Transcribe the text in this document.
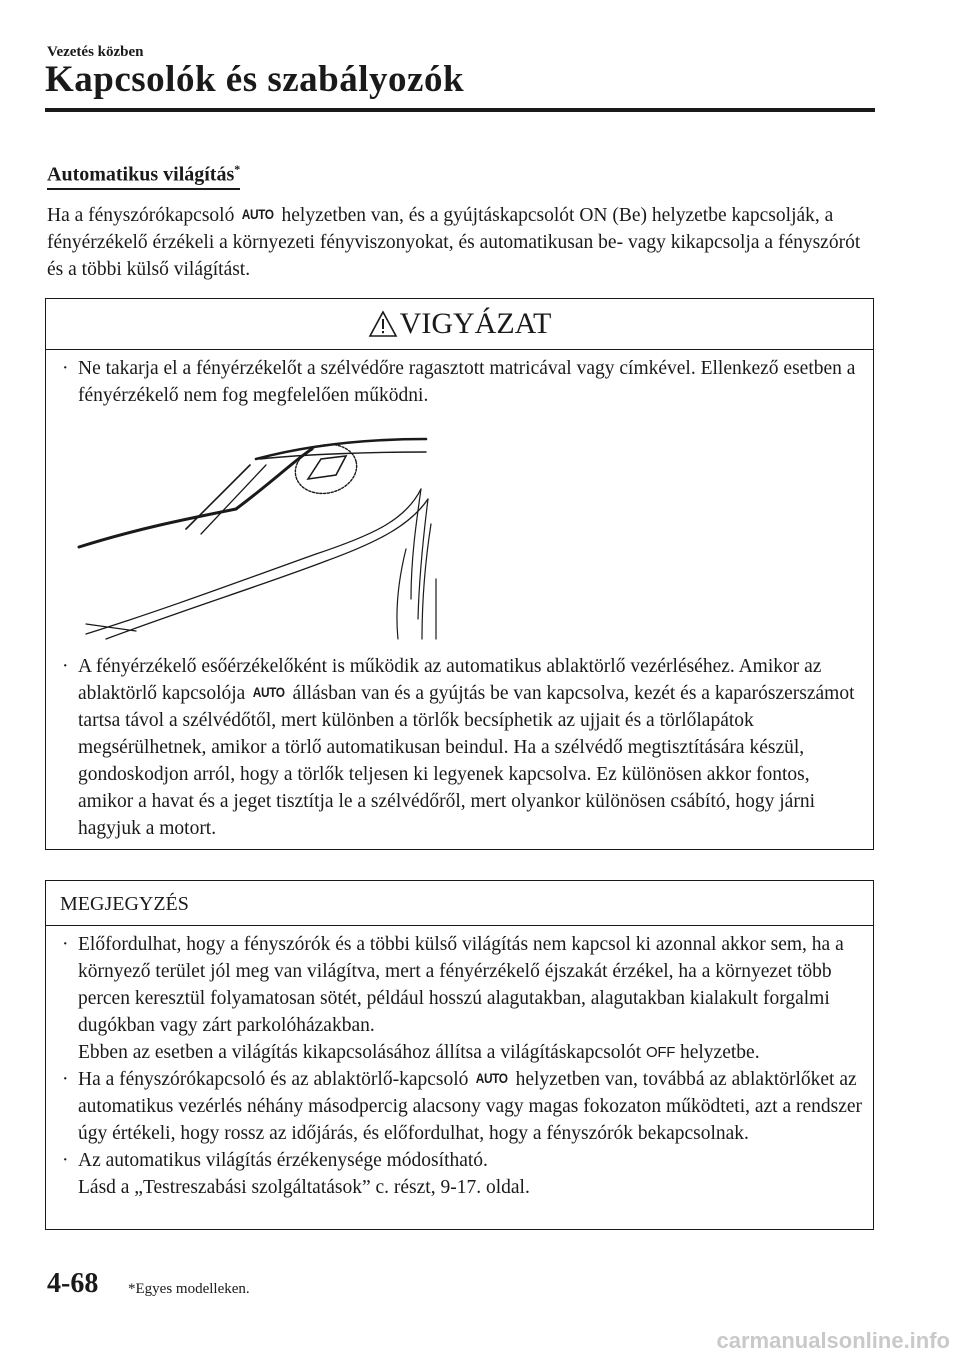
Vezetés közben
Kapcsolók és szabályozók
Automatikus világítás*
Ha a fényszórókapcsoló AUTO helyzetben van, és a gyújtáskapcsolót ON (Be) helyzetbe kapcsolják, a fényérzékelő érzékeli a környezeti fényviszonyokat, és automatikusan be- vagy kikapcsolja a fényszórót és a többi külső világítást.
VIGYÁZAT
· Ne takarja el a fényérzékelőt a szélvédőre ragasztott matricával vagy címkével. Ellenkező esetben a fényérzékelő nem fog megfelelően működni.
· A fényérzékelő esőérzékelőként is működik az automatikus ablaktörlő vezérléséhez. Amikor az ablaktörlő kapcsolója AUTO állásban van és a gyújtás be van kapcsolva, kezét és a kaparószerszámot tartsa távol a szélvédőtől, mert különben a törlők becsíphetik az ujjait és a törlőlapátok megsérülhetnek, amikor a törlő automatikusan beindul. Ha a szélvédő megtisztítására készül, gondoskodjon arról, hogy a törlők teljesen ki legyenek kapcsolva. Ez különösen akkor fontos, amikor a havat és a jeget tisztítja le a szélvédőről, mert olyankor különösen csábító, hogy járni hagyjuk a motort.
MEGJEGYZÉS
· Előfordulhat, hogy a fényszórók és a többi külső világítás nem kapcsol ki azonnal akkor sem, ha a környező terület jól meg van világítva, mert a fényérzékelő éjszakát érzékel, ha a környezet több percen keresztül folyamatosan sötét, például hosszú alagutakban, alagutakban kialakult forgalmi dugókban vagy zárt parkolóházakban.
Ebben az esetben a világítás kikapcsolásához állítsa a világításkapcsolót OFF helyzetbe.
· Ha a fényszórókapcsoló és az ablaktörlő-kapcsoló AUTO helyzetben van, továbbá az ablaktörlőket az automatikus vezérlés néhány másodpercig alacsony vagy magas fokozaton működteti, azt a rendszer úgy értékeli, hogy rossz az időjárás, és előfordulhat, hogy a fényszórók bekapcsolnak.
· Az automatikus világítás érzékenysége módosítható.
Lásd a „Testreszabási szolgáltatások” c. részt, 9-17. oldal.
4-68 *Egyes modelleken.
carmanualsonline.info
